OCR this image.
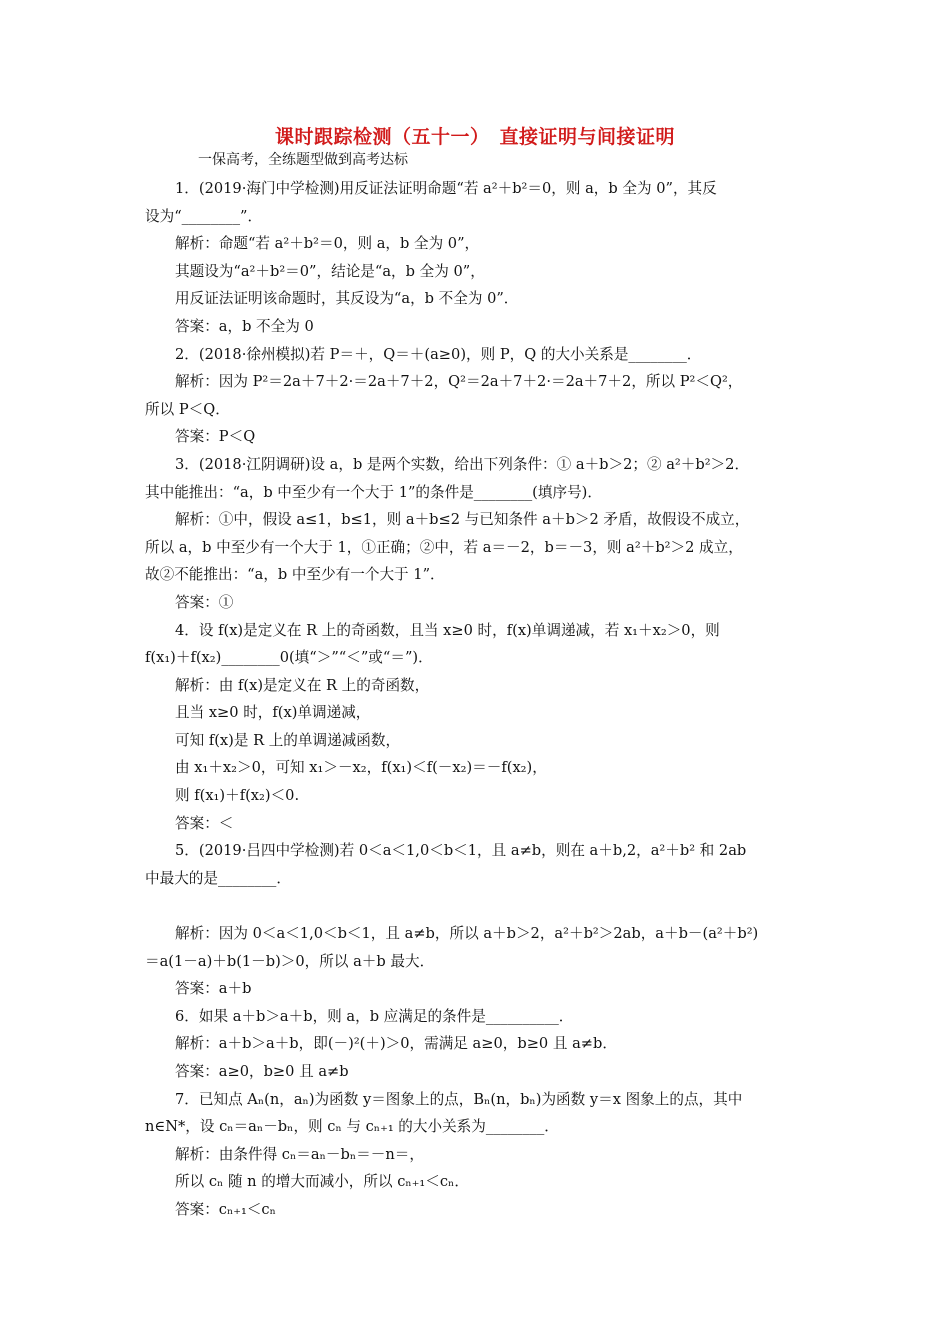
课时跟踪检测（五十一）　直接证明与间接证明
一保高考，全练题型做到高考达标
1．(2019·海门中学检测)用反证法证明命题“若 a²＋b²＝0，则 a，b 全为 0”，其反
设为“________”．
解析：命题“若 a²＋b²＝0，则 a，b 全为 0”，
其题设为“a²＋b²＝0”，结论是“a，b 全为 0”，
用反证法证明该命题时，其反设为“a，b 不全为 0”．
答案：a，b 不全为 0
2．(2018·徐州模拟)若 P＝＋，Q＝＋(a≥0)，则 P，Q 的大小关系是________．
解析：因为 P²＝2a＋7＋2·＝2a＋7＋2，Q²＝2a＋7＋2·＝2a＋7＋2，所以 P²＜Q²，
所以 P＜Q．
答案：P＜Q
3．(2018·江阴调研)设 a，b 是两个实数，给出下列条件：① a＋b＞2；② a²＋b²＞2．
其中能推出：“a，b 中至少有一个大于 1”的条件是________(填序号)．
解析：①中，假设 a≤1，b≤1，则 a＋b≤2 与已知条件 a＋b＞2 矛盾，故假设不成立，
所以 a，b 中至少有一个大于 1，①正确；②中，若 a＝－2，b＝－3，则 a²＋b²＞2 成立，
故②不能推出：“a，b 中至少有一个大于 1”．
答案：①
4．设 f(x)是定义在 R 上的奇函数，且当 x≥0 时，f(x)单调递减，若 x₁＋x₂＞0，则
f(x₁)＋f(x₂)________0(填“＞”“＜”或“＝”)．
解析：由 f(x)是定义在 R 上的奇函数，
且当 x≥0 时，f(x)单调递减，
可知 f(x)是 R 上的单调递减函数，
由 x₁＋x₂＞0，可知 x₁＞－x₂，f(x₁)＜f(－x₂)＝－f(x₂)，
则 f(x₁)＋f(x₂)＜0.
答案：＜
5．(2019·吕四中学检测)若 0＜a＜1,0＜b＜1，且 a≠b，则在 a＋b,2，a²＋b² 和 2ab
中最大的是________．
解析：因为 0＜a＜1,0＜b＜1，且 a≠b，所以 a＋b＞2，a²＋b²＞2ab，a＋b－(a²＋b²)
＝a(1－a)＋b(1－b)＞0，所以 a＋b 最大．
答案：a＋b
6．如果 a＋b＞a＋b，则 a，b 应满足的条件是__________．
解析：a＋b＞a＋b，即(－)²(＋)＞0，需满足 a≥0，b≥0 且 a≠b．
答案：a≥0，b≥0 且 a≠b
7．已知点 Aₙ(n，aₙ)为函数 y＝图象上的点，Bₙ(n，bₙ)为函数 y＝x 图象上的点，其中
n∈N*，设 cₙ＝aₙ－bₙ，则 cₙ 与 cₙ₊₁ 的大小关系为________．
解析：由条件得 cₙ＝aₙ－bₙ＝－n＝，
所以 cₙ 随 n 的增大而减小，所以 cₙ₊₁＜cₙ．
答案：cₙ₊₁＜cₙ
